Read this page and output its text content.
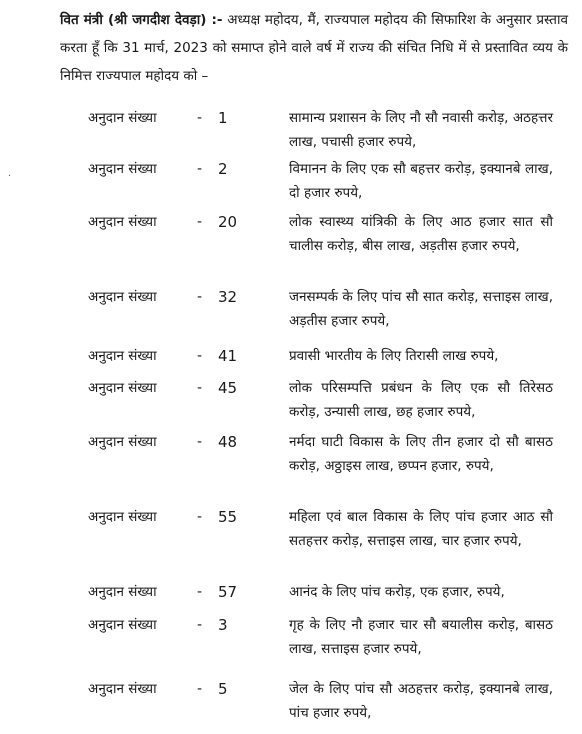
वित मंत्री (श्री जगदीश देवड़ा) :- अध्यक्ष महोदय, मैं, राज्यपाल महोदय की सिफारिश के अनुसार प्रस्ताव करता हूँ कि 31 मार्च, 2023 को समाप्त होने वाले वर्ष में राज्य की संचित निधि में से प्रस्तावित व्यय के निमित्त राज्यपाल महोदय को –
.
अनुदान संख्या	- 1	सामान्य प्रशासन के लिए नौ सौ नवासी करोड़, अठहत्तर लाख, पचासी हजार रुपये,
अनुदान संख्या	- 2	विमानन के लिए एक सौ बहत्तर करोड़, इक्यानबे लाख, दो हजार रुपये,
अनुदान संख्या	- 20	लोक स्वास्थ्य यांत्रिकी के लिए आठ हजार सात सौ चालीस करोड़, बीस लाख, अड़तीस हजार रुपये,
अनुदान संख्या	- 32	जनसम्पर्क के लिए पांच सौ सात करोड़, सत्ताइस लाख, अड़तीस हजार रुपये,
अनुदान संख्या	- 41	प्रवासी भारतीय के लिए तिरासी लाख रुपये,
अनुदान संख्या	- 45	लोक परिसम्पत्ति प्रबंधन के लिए एक सौ तिरेसठ करोड़, उन्यासी लाख, छह हजार रुपये,
अनुदान संख्या	- 48	नर्मदा घाटी विकास के लिए तीन हजार दो सौ बासठ करोड़, अठ्ठाइस लाख, छप्पन हजार, रुपये,
अनुदान संख्या	- 55	महिला एवं बाल विकास के लिए पांच हजार आठ सौ सतहत्तर करोड़, सत्ताइस लाख, चार हजार रुपये,
अनुदान संख्या	- 57	आनंद के लिए पांच करोड़, एक हजार, रुपये,
अनुदान संख्या	- 3	गृह के लिए नौ हजार चार सौ बयालीस करोड़, बासठ लाख, सत्ताइस हजार रुपये,
अनुदान संख्या	- 5	जेल के लिए पांच सौ अठहत्तर करोड़, इक्यानबे लाख, पांच हजार रुपये,
